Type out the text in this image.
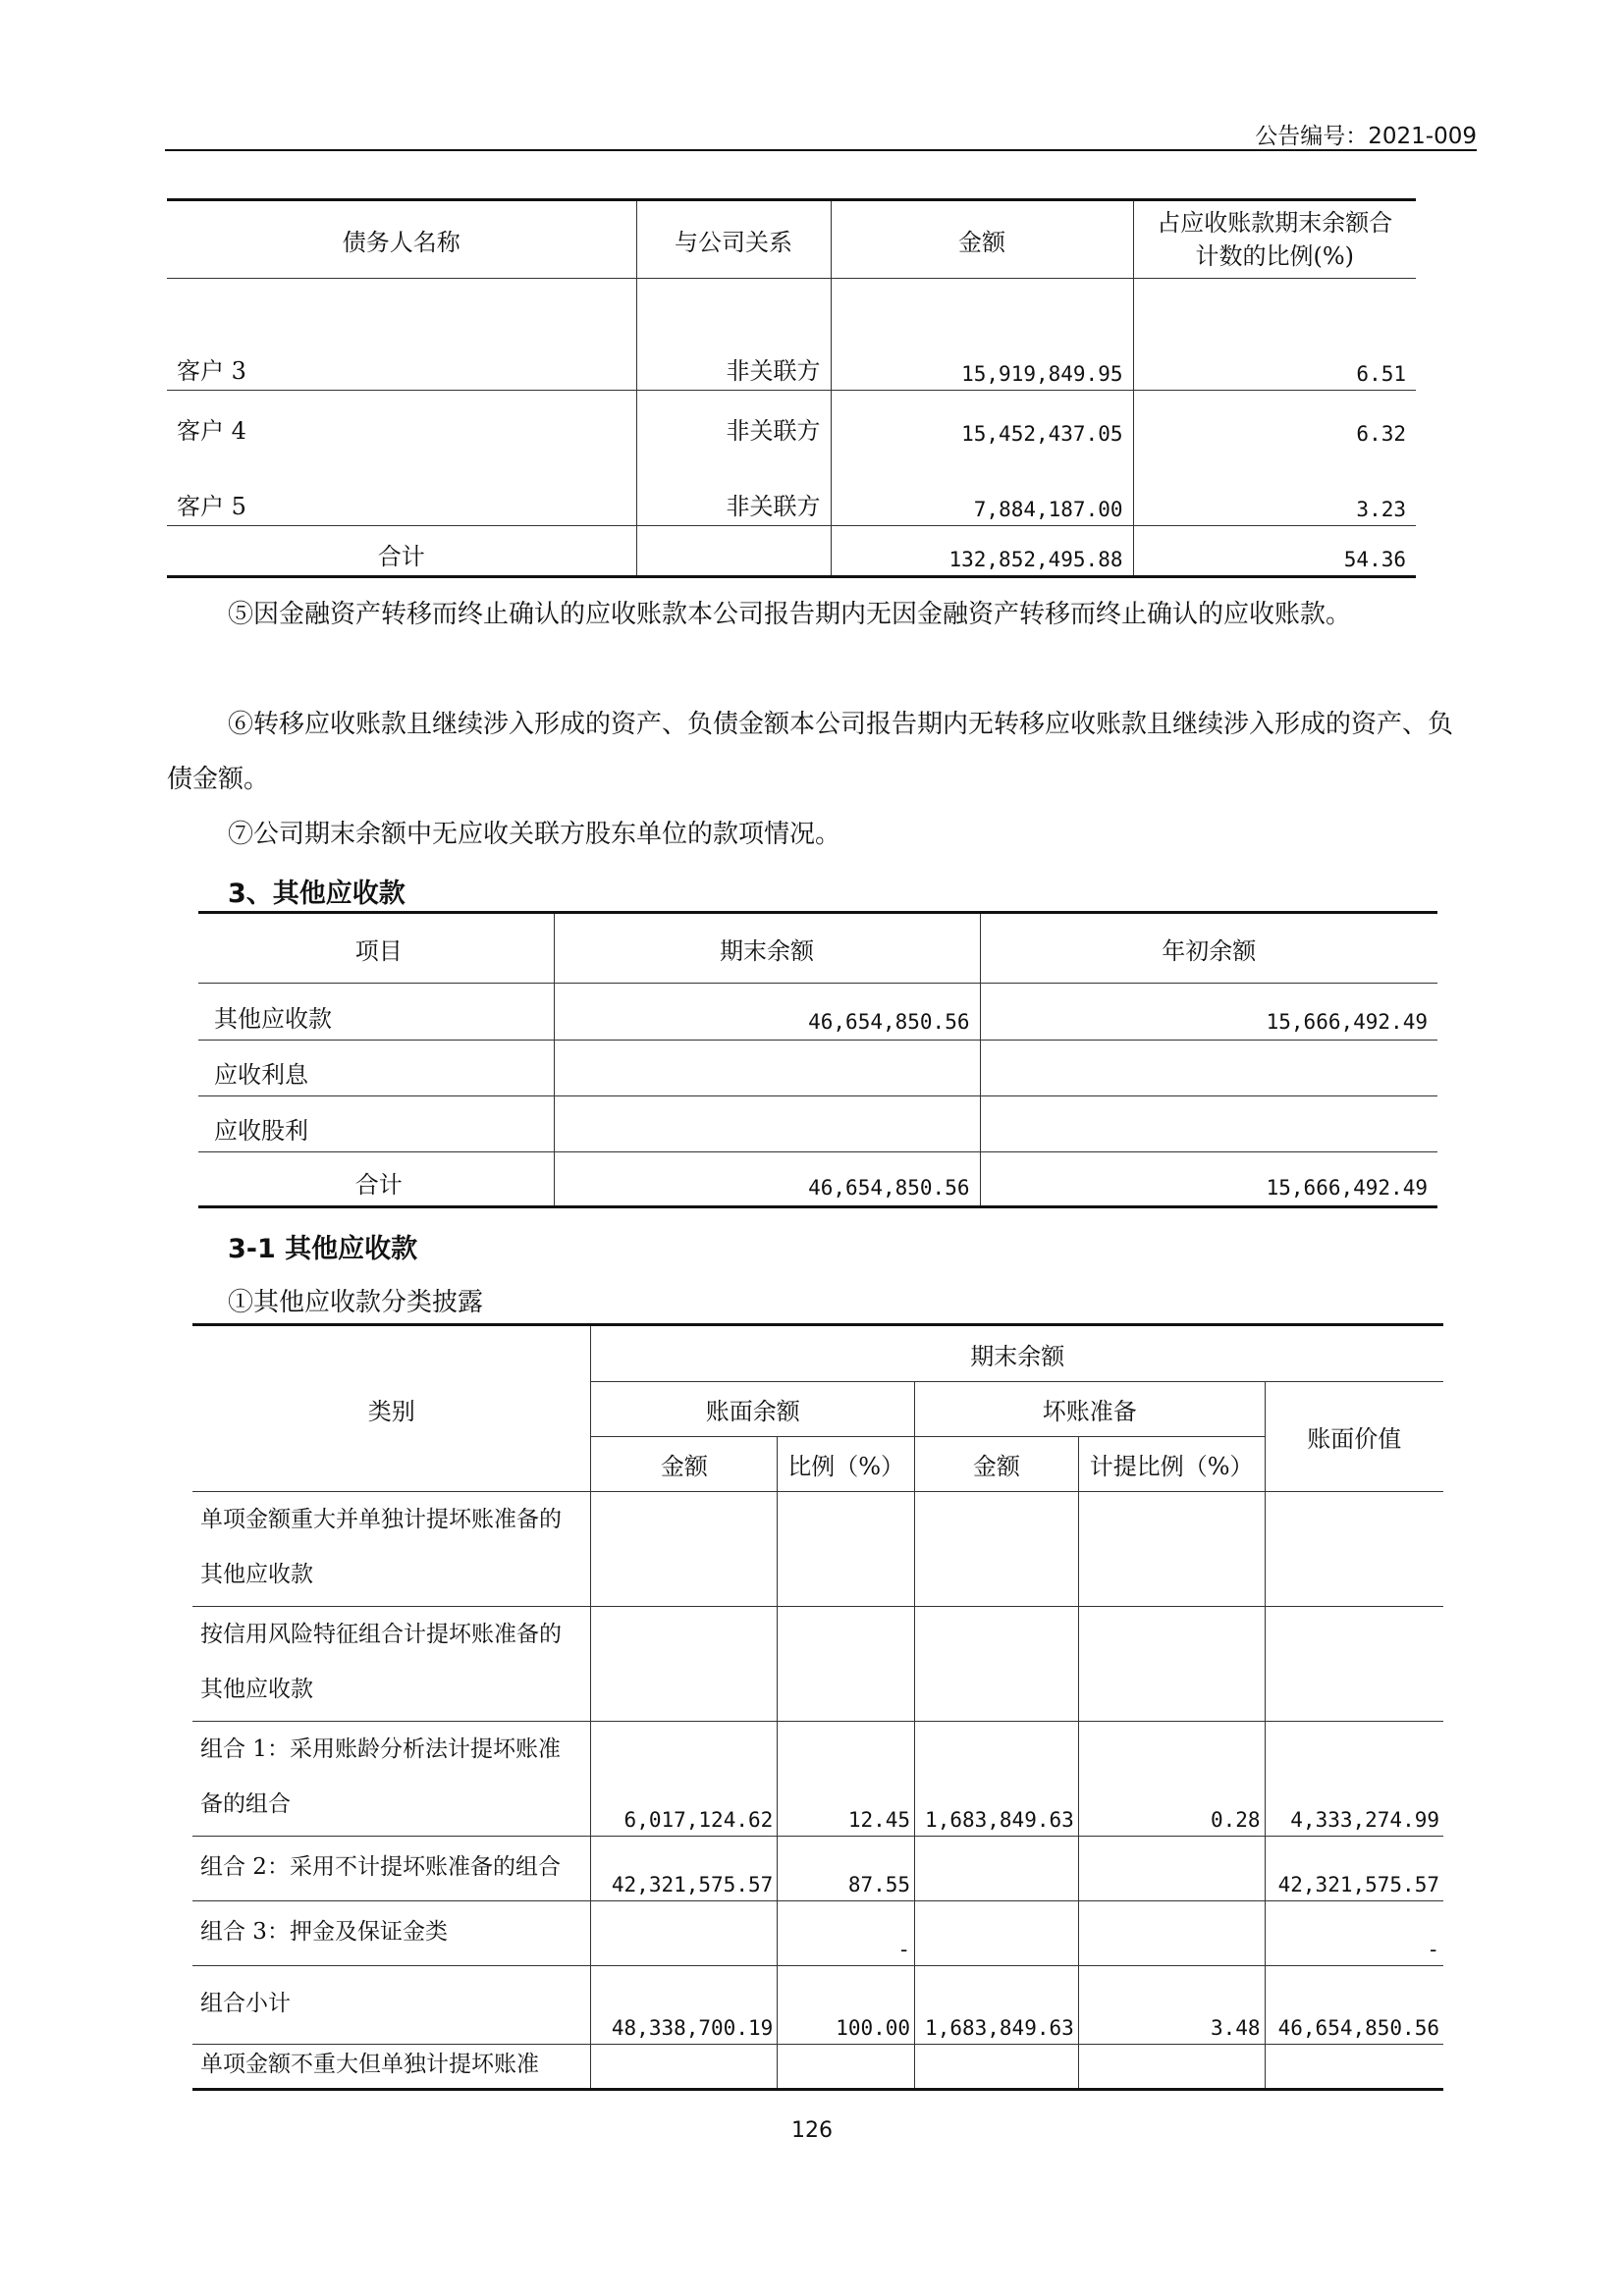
公告编号：2021-009
债务人名称	与公司关系	金额	占应收账款期末余额合计数的比例(%)
客户 3	非关联方	15,919,849.95	6.51
客户 4	非关联方	15,452,437.05	6.32
客户 5	非关联方	7,884,187.00	3.23
合计		132,852,495.88	54.36

⑤因金融资产转移而终止确认的应收账款本公司报告期内无因金融资产转移而终止确认的应收账款。

⑥转移应收账款且继续涉入形成的资产、负债金额本公司报告期内无转移应收账款且继续涉入形成的资产、负债金额。

⑦公司期末余额中无应收关联方股东单位的款项情况。

3、其他应收款
项目	期末余额	年初余额
其他应收款	46,654,850.56	15,666,492.49
应收利息		
应收股利		
合计	46,654,850.56	15,666,492.49
3-1 其他应收款
①其他应收款分类披露
类别	期末余额				
	账面余额		坏账准备		账面价值
	金额	比例（%）	金额	计提比例（%）	
单项金额重大并单独计提坏账准备的其他应收款					
按信用风险特征组合计提坏账准备的其他应收款					
组合 1：采用账龄分析法计提坏账准备的组合	6,017,124.62	12.45	1,683,849.63	0.28	4,333,274.99
组合 2：采用不计提坏账准备的组合	42,321,575.57	87.55			42,321,575.57
组合 3：押金及保证金类		-			-
组合小计	48,338,700.19	100.00	1,683,849.63	3.48	46,654,850.56
单项金额不重大但单独计提坏账准					
126
